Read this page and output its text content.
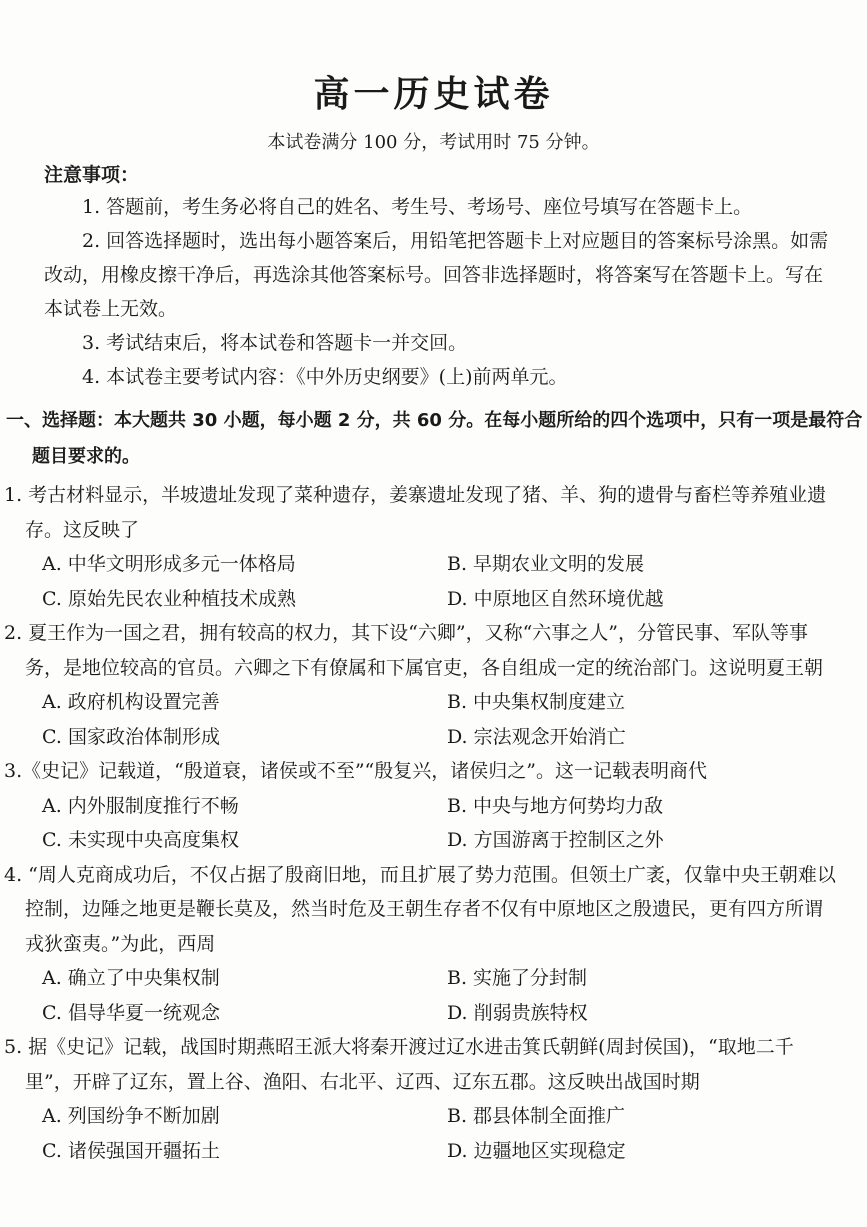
高一历史试卷

本试卷满分 100 分，考试用时 75 分钟。

注意事项：
1. 答题前，考生务必将自己的姓名、考生号、考场号、座位号填写在答题卡上。
2. 回答选择题时，选出每小题答案后，用铅笔把答题卡上对应题目的答案标号涂黑。如需改动，用橡皮擦干净后，再选涂其他答案标号。回答非选择题时，将答案写在答题卡上。写在本试卷上无效。
3. 考试结束后，将本试卷和答题卡一并交回。
4. 本试卷主要考试内容：《中外历史纲要》(上)前两单元。
一、选择题：本大题共 30 小题，每小题 2 分，共 60 分。在每小题所给的四个选项中，只有一项是最符合题目要求的。

1. 考古材料显示，半坡遗址发现了菜种遗存，姜寨遗址发现了猪、羊、狗的遗骨与畜栏等养殖业遗存。这反映了

A. 中华文明形成多元一体格局	B. 早期农业文明的发展
C. 原始先民农业种植技术成熟	D. 中原地区自然环境优越

2. 夏王作为一国之君，拥有较高的权力，其下设“六卿”，又称“六事之人”，分管民事、军队等事务，是地位较高的官员。六卿之下有僚属和下属官吏，各自组成一定的统治部门。这说明夏王朝

A. 政府机构设置完善	B. 中央集权制度建立
C. 国家政治体制形成	D. 宗法观念开始消亡

3.《史记》记载道，“殷道衰，诸侯或不至”“殷复兴，诸侯归之”。这一记载表明商代

A. 内外服制度推行不畅	B. 中央与地方何势均力敌
C. 未实现中央高度集权	D. 方国游离于控制区之外

4. “周人克商成功后，不仅占据了殷商旧地，而且扩展了势力范围。但领土广袤，仅靠中央王朝难以控制，边陲之地更是鞭长莫及，然当时危及王朝生存者不仅有中原地区之殷遗民，更有四方所谓戎狄蛮夷。”为此，西周

A. 确立了中央集权制	B. 实施了分封制
C. 倡导华夏一统观念	D. 削弱贵族特权

5. 据《史记》记载，战国时期燕昭王派大将秦开渡过辽水进击箕氏朝鲜(周封侯国)，“取地二千里”，开辟了辽东，置上谷、渔阳、右北平、辽西、辽东五郡。这反映出战国时期

A. 列国纷争不断加剧	B. 郡县体制全面推广
C. 诸侯强国开疆拓土	D. 边疆地区实现稳定
